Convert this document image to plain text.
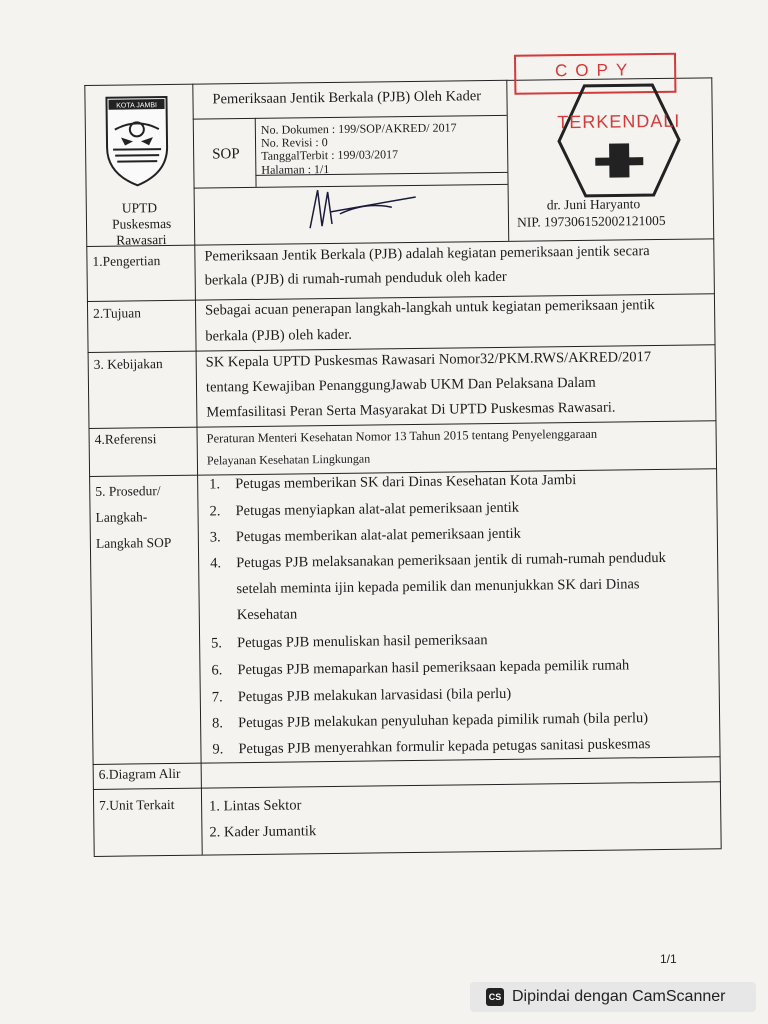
KOTA JAMBI	Pemeriksaan Jentik Berkala (PJB) Oleh Kader
SOP
No. Dokumen : 199/SOP/AKRED/ 2017
No. Revisi : 0
TanggalTerbit : 199/03/2017
Halaman : 1/1
UPTD
Puskesmas
Rawasari
dr. Juni Haryanto
NIP. 197306152002121005
COPY
TERKENDALI
1.Pengertian	Pemeriksaan Jentik Berkala (PJB) adalah kegiatan pemeriksaan jentik secara
berkala (PJB) di rumah-rumah penduduk oleh kader
2.Tujuan	Sebagai acuan penerapan langkah-langkah untuk kegiatan pemeriksaan jentik
berkala (PJB) oleh kader.
3. Kebijakan	SK Kepala UPTD Puskesmas Rawasari Nomor32/PKM.RWS/AKRED/2017
tentang Kewajiban PenanggungJawab UKM Dan Pelaksana Dalam
Memfasilitasi Peran Serta Masyarakat Di UPTD Puskesmas Rawasari.
4.Referensi	Peraturan Menteri Kesehatan Nomor 13 Tahun 2015 tentang Penyelenggaraan
Pelayanan Kesehatan Lingkungan
5. Prosedur/
Langkah-
Langkah SOP
1. Petugas memberikan SK dari Dinas Kesehatan Kota Jambi
2. Petugas menyiapkan alat-alat pemeriksaan jentik
3. Petugas memberikan alat-alat pemeriksaan jentik
4. Petugas PJB melaksanakan pemeriksaan jentik di rumah-rumah penduduk
setelah meminta ijin kepada pemilik dan menunjukkan SK dari Dinas
Kesehatan
5. Petugas PJB menuliskan hasil pemeriksaan
6. Petugas PJB memaparkan hasil pemeriksaan kepada pemilik rumah
7. Petugas PJB melakukan larvasidasi (bila perlu)
8. Petugas PJB melakukan penyuluhan kepada pimilik rumah (bila perlu)
9. Petugas PJB menyerahkan formulir kepada petugas sanitasi puskesmas
6.Diagram Alir
7.Unit Terkait 1. Lintas Sektor
2. Kader Jumantik
1/1
CS Dipindai dengan CamScanner
